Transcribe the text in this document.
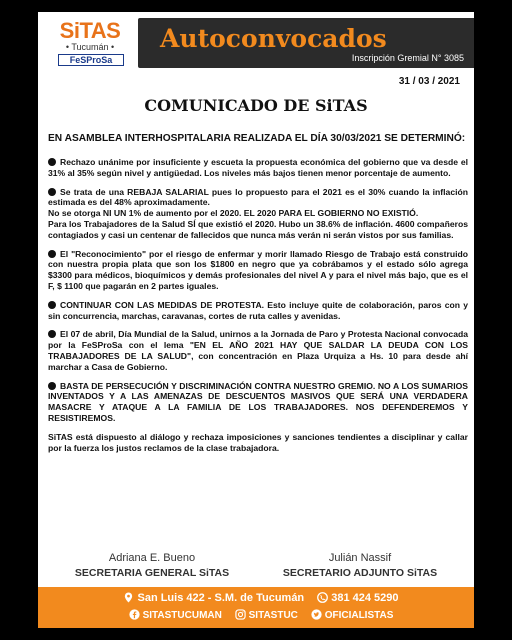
SiTAS
• Tucumán •
FeSProSa
Autoconvocados
Inscripción Gremial N° 3085
31 / 03 / 2021
COMUNICADO DE SiTAS

EN ASAMBLEA INTERHOSPITALARIA REALIZADA EL DÍA 30/03/2021 SE DETERMINÓ:

Rechazo unánime por insuficiente y escueta la propuesta económica del gobierno que va desde el 31% al 35% según nivel y antigüedad. Los niveles más bajos tienen menor porcentaje de aumento.

Se trata de una REBAJA SALARIAL pues lo propuesto para el 2021 es el 30% cuando la inflación estimada es del 48% aproximadamente.
No se otorga NI UN 1% de aumento por el 2020. EL 2020 PARA EL GOBIERNO NO EXISTIÓ.
Para los Trabajadores de la Salud SÍ que existió el 2020. Hubo un 38.6% de inflación. 4600 compañeros contagiados y casi un centenar de fallecidos que nunca más verán ni serán vistos por sus familias.

El "Reconocimiento" por el riesgo de enfermar y morir llamado Riesgo de Trabajo está construido con nuestra propia plata que son los $1800 en negro que ya cobrábamos y el estado sólo agrega $3300 para médicos, bioquímicos y demás profesionales del nivel A y para el nivel más bajo, que es el F, $ 1100 que pagarán en 2 partes iguales.

CONTINUAR CON LAS MEDIDAS DE PROTESTA. Esto incluye quite de colaboración, paros con y sin concurrencia, marchas, caravanas, cortes de ruta calles y avenidas.

El 07 de abril, Día Mundial de la Salud, unirnos a la Jornada de Paro y Protesta Nacional convocada por la FeSProSa con el lema "EN EL AÑO 2021 HAY QUE SALDAR LA DEUDA CON LOS TRABAJADORES DE LA SALUD", con concentración en Plaza Urquiza a Hs. 10 para desde ahí marchar a Casa de Gobierno.

BASTA DE PERSECUCIÓN Y DISCRIMINACIÓN CONTRA NUESTRO GREMIO. NO A LOS SUMARIOS INVENTADOS Y A LAS AMENAZAS DE DESCUENTOS MASIVOS QUE SERÁ UNA VERDADERA MASACRE Y ATAQUE A LA FAMILIA DE LOS TRABAJADORES. NOS DEFENDEREMOS Y RESISTIREMOS.

SiTAS está dispuesto al diálogo y rechaza imposiciones y sanciones tendientes a disciplinar y callar por la fuerza los justos reclamos de la clase trabajadora.

Adriana E. Bueno
SECRETARIA GENERAL SiTAS
Julián Nassif
SECRETARIO ADJUNTO SiTAS
San Luis 422 - S.M. de Tucumán 381 424 5290
SITASTUCUMAN	SITASTUC	OFICIALISTAS
